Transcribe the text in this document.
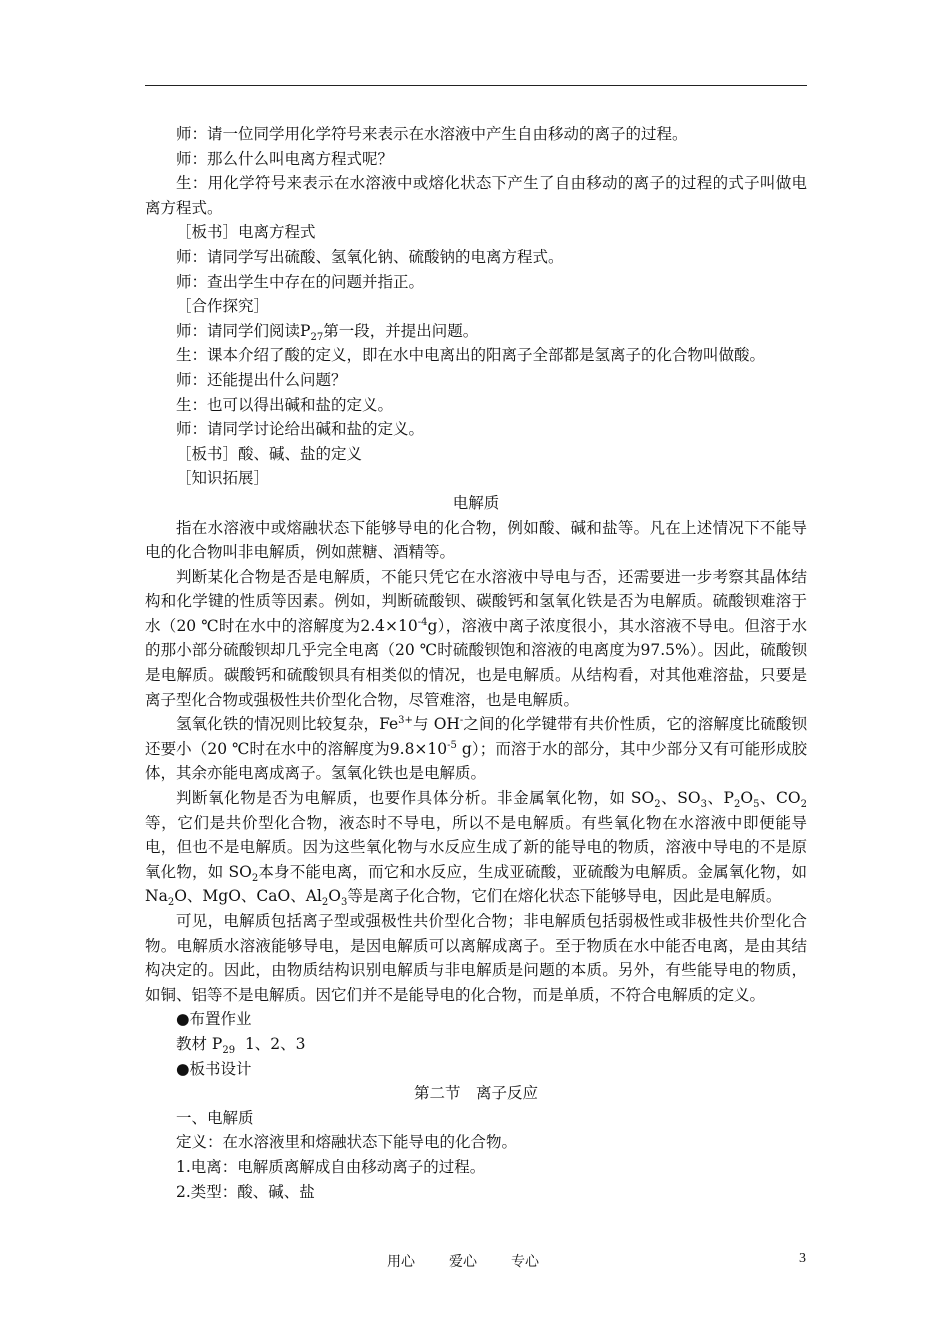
师：请一位同学用化学符号来表示在水溶液中产生自由移动的离子的过程。

师：那么什么叫电离方程式呢？

生：用化学符号来表示在水溶液中或熔化状态下产生了自由移动的离子的过程的式子叫做电离方程式。

［板书］电离方程式

师：请同学写出硫酸、氢氧化钠、硫酸钠的电离方程式。

师：查出学生中存在的问题并指正。

［合作探究］

师：请同学们阅读$P_{27}$第一段，并提出问题。

生：课本介绍了酸的定义，即在水中电离出的阳离子全部都是氢离子的化合物叫做酸。

师：还能提出什么问题？

生：也可以得出碱和盐的定义。

师：请同学讨论给出碱和盐的定义。

［板书］酸、碱、盐的定义

［知识拓展］

电解质

指在水溶液中或熔融状态下能够导电的化合物，例如酸、碱和盐等。凡在上述情况下不能导电的化合物叫非电解质，例如蔗糖、酒精等。

判断某化合物是否是电解质，不能只凭它在水溶液中导电与否，还需要进一步考察其晶体结构和化学键的性质等因素。例如，判断硫酸钡、碳酸钙和氢氧化铁是否为电解质。硫酸钡难溶于水（20 ℃时在水中的溶解度为$2.4\times 10^{-4}g$），溶液中离子浓度很小，其水溶液不导电。但溶于水的那小部分硫酸钡却几乎完全电离（20 ℃时硫酸钡饱和溶液的电离度为97.5%）。因此，硫酸钡是电解质。碳酸钙和硫酸钡具有相类似的情况，也是电解质。从结构看，对其他难溶盐，只要是离子型化合物或强极性共价型化合物，尽管难溶，也是电解质。

氢氧化铁的情况则比较复杂，$Fe^{3+}$与 OH-之间的化学键带有共价性质，它的溶解度比硫酸钡还要小（20 ℃时在水中的溶解度为$9.8\times 10^{-5}$ g）；而溶于水的部分，其中少部分又有可能形成胶体，其余亦能电离成离子。氢氧化铁也是电解质。

判断氧化物是否为电解质，也要作具体分析。非金属氧化物，如 $SO_2$、$SO_3$、$P_2O_5$、$CO_2$等，它们是共价型化合物，液态时不导电，所以不是电解质。有些氧化物在水溶液中即便能导电，但也不是电解质。因为这些氧化物与水反应生成了新的能导电的物质，溶液中导电的不是原氧化物，如 $SO_2$本身不能电离，而它和水反应，生成亚硫酸，亚硫酸为电解质。金属氧化物，如 $Na_2O$、MgO、CaO、$Al_2O_3$等是离子化合物，它们在熔化状态下能够导电，因此是电解质。

可见，电解质包括离子型或强极性共价型化合物；非电解质包括弱极性或非极性共价型化合物。电解质水溶液能够导电，是因电解质可以离解成离子。至于物质在水中能否电离，是由其结构决定的。因此，由物质结构识别电解质与非电解质是问题的本质。另外，有些能导电的物质，如铜、铝等不是电解质。因它们并不是能导电的化合物，而是单质，不符合电解质的定义。

●布置作业

教材 $P_{29}$  1、2、3

●板书设计

第二节　离子反应

一、电解质

定义：在水溶液里和熔融状态下能导电的化合物。

1.电离：电解质离解成自由移动离子的过程。

2.类型：酸、碱、盐

用心 爱心 专心	3
